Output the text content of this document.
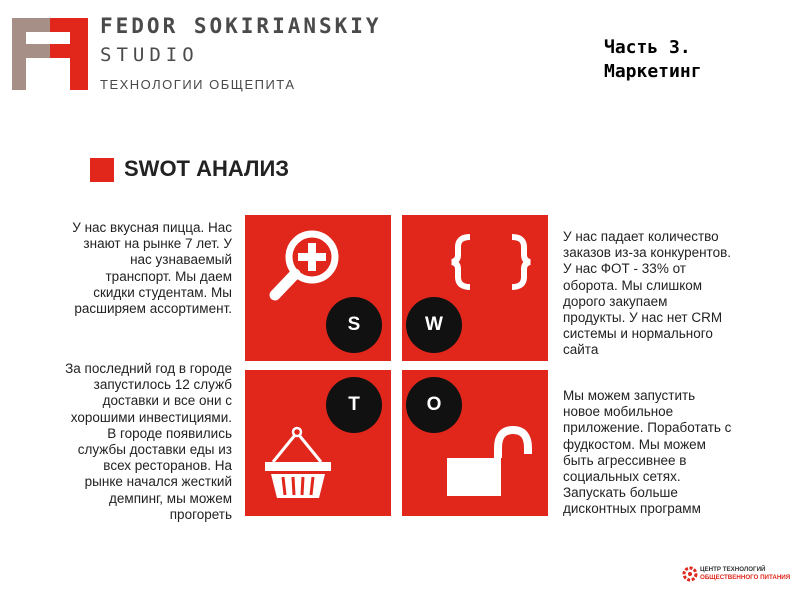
FEDOR SOKIRIANSKIY
STUDIO
ТЕХНОЛОГИИ ОБЩЕПИТА
Часть 3.
Маркетинг
SWOT АНАЛИЗ
S	W
T	O
У нас вкусная пицца. Нас знают на рынке 7 лет. У нас узнаваемый транспорт. Мы даем скидки студентам. Мы расширяем ассортимент.
За последний год в городе запустилось 12 служб доставки и все они с хорошими инвестициями. В городе появились службы доставки еды из всех ресторанов. На рынке начался жесткий демпинг, мы можем прогореть
У нас падает количество заказов из-за конкурентов. У нас ФОТ - 33% от оборота. Мы слишком дорого закупаем продукты. У нас нет CRM системы и нормального сайта
Мы можем запустить новое мобильное приложение. Поработать с фудкостом. Мы можем быть агрессивнее в социальных сетях. Запускать больше дисконтных программ
ЦЕНТР ТЕХНОЛОГИЙ
ОБЩЕСТВЕННОГО ПИТАНИЯ
